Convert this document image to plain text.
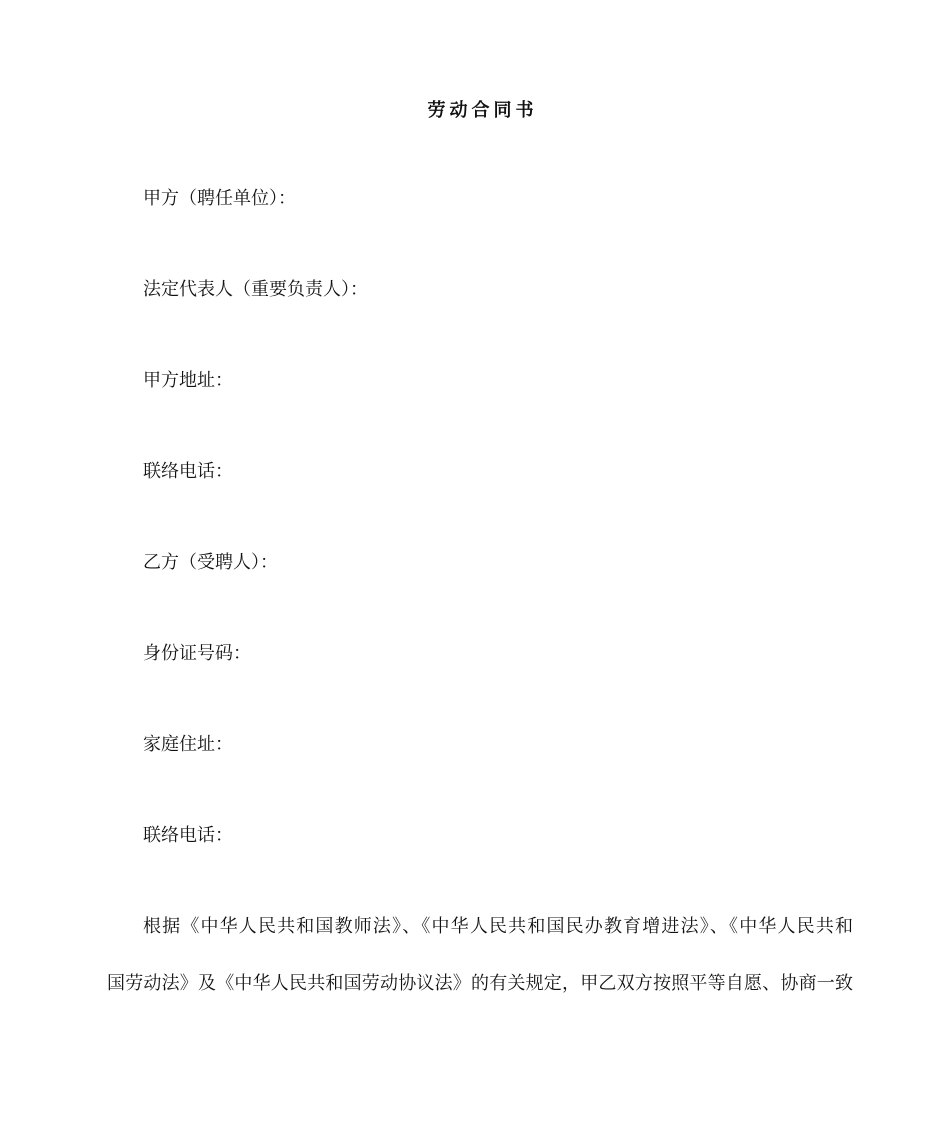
劳动合同书
甲方（聘任单位）：
法定代表人（重要负责人）：
甲方地址：
联络电话：
乙方（受聘人）：
身份证号码：
家庭住址：
联络电话：
根据《中华人民共和国教师法》、《中华人民共和国民办教育增进法》、《中华人民共和
国劳动法》及《中华人民共和国劳动协议法》的有关规定，甲乙双方按照平等自愿、协商一致
